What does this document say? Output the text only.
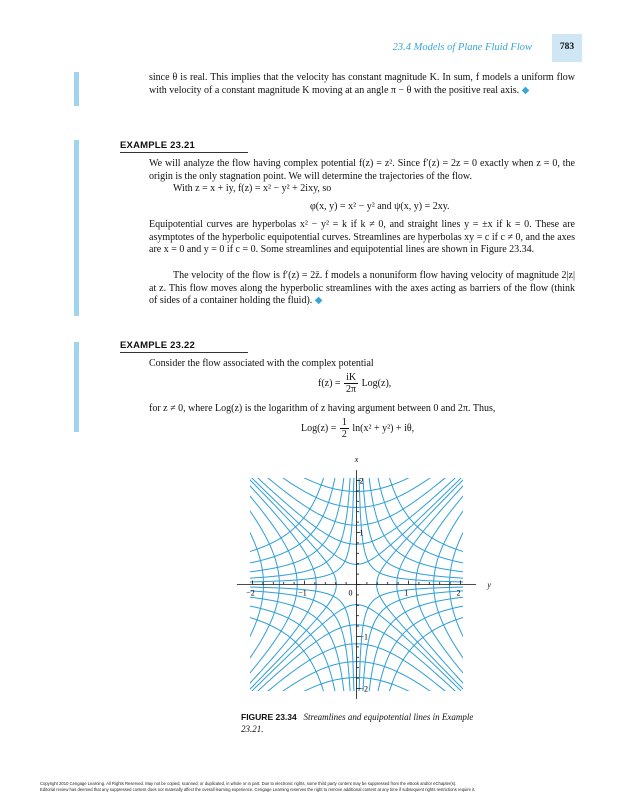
23.4 Models of Plane Fluid Flow	783

since θ is real. This implies that the velocity has constant magnitude K. In sum, f models a uniform flow with velocity of a constant magnitude K moving at an angle π − θ with the positive real axis. ◆

EXAMPLE 23.21

We will analyze the flow having complex potential f(z) = z². Since f′(z) = 2z = 0 exactly when z = 0, the origin is the only stagnation point. We will determine the trajectories of the flow.

With z = x + iy, f(z) = x² − y² + 2ixy, so

φ(x, y) = x² − y² and ψ(x, y) = 2xy.

Equipotential curves are hyperbolas x² − y² = k if k ≠ 0, and straight lines y = ±x if k = 0. These are asymptotes of the hyperbolic equipotential curves. Streamlines are hyperbolas xy = c if c ≠ 0, and the axes are x = 0 and y = 0 if c = 0. Some streamlines and equipotential lines are shown in Figure 23.34.

The velocity of the flow is f′(z) = 2z̄. f models a nonuniform flow having velocity of magnitude 2|z| at z. This flow moves along the hyperbolic streamlines with the axes acting as barriers of the flow (think of sides of a container holding the fluid). ◆

EXAMPLE 23.22

Consider the flow associated with the complex potential

$f(z) = \frac{iK}{2\pi} Log(z)$,

for z ≠ 0, where Log(z) is the logarithm of z having argument between 0 and 2π. Thus,

$Log(z) = \frac{1}{2} \ln(x^2 + y^2) + i\theta$,
−2	−1	0	1	2
2
1
−1
−2
x
y
FIGURE 23.34 Streamlines and equipotential lines in Example 23.21.
Copyright 2010 Cengage Learning. All Rights Reserved. May not be copied, scanned, or duplicated, in whole or in part. Due to electronic rights, some third party content may be suppressed from the eBook and/or eChapter(s).
Editorial review has deemed that any suppressed content does not materially affect the overall learning experience. Cengage Learning reserves the right to remove additional content at any time if subsequent rights restrictions require it.
